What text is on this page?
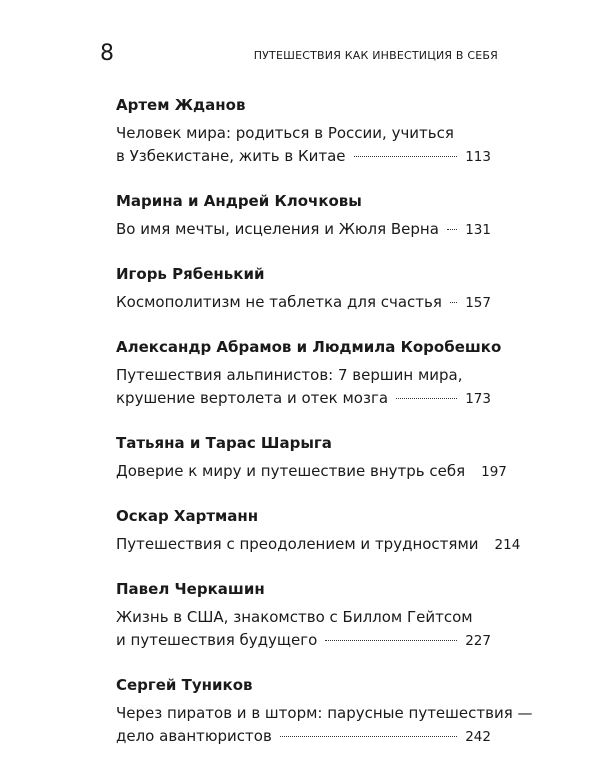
8	ПУТЕШЕСТВИЯ КАК ИНВЕСТИЦИЯ В СЕБЯ
Артем Жданов
Человек мира: родиться в России, учиться
в Узбекистане, жить в Китае	113
Марина и Андрей Клочковы
Во имя мечты, исцеления и Жюля Верна 131
Игорь Рябенький
Космополитизм не таблетка для счастья 157
Александр Абрамов и Людмила Коробешко
Путешествия альпинистов: 7 вершин мира,
крушение вертолета и отек мозга	173
Татьяна и Тарас Шарыга
Доверие к миру и путешествие внутрь себя 197
Оскар Хартманн
Путешествия с преодолением и трудностями 214
Павел Черкашин
Жизнь в США, знакомство с Биллом Гейтсом
и путешествия будущего	227
Сергей Туников
Через пиратов и в шторм: парусные путешествия —
дело авантюристов	242
